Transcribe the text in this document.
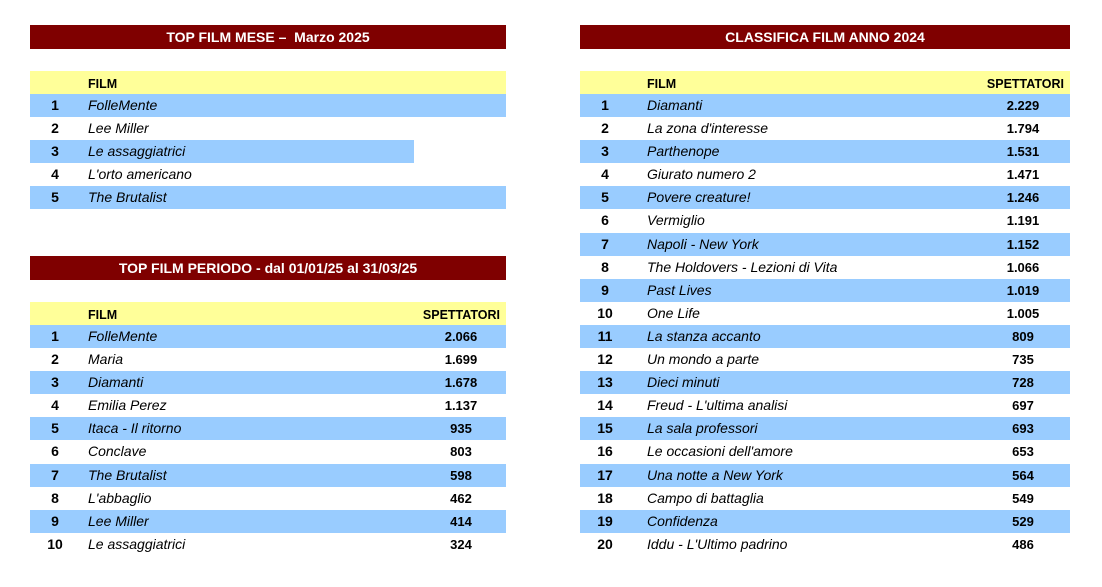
TOP FILM MESE –  Marzo 2025
FILM
1	FolleMente
2	Lee Miller
3	Le assaggiatrici
4	L'orto americano
5	The Brutalist
TOP FILM PERIODO - dal 01/01/25 al 31/03/25
FILM	SPETTATORI
1	FolleMente	2.066
2	Maria	1.699
3	Diamanti	1.678
4	Emilia Perez	1.137
5	Itaca - Il ritorno	935
6	Conclave	803
7	The Brutalist	598
8	L'abbaglio	462
9	Lee Miller	414
10	Le assaggiatrici	324
CLASSIFICA FILM ANNO 2024
FILM	SPETTATORI
1	Diamanti	2.229
2	La zona d'interesse	1.794
3	Parthenope	1.531
4	Giurato numero 2	1.471
5	Povere creature!	1.246
6	Vermiglio	1.191
7	Napoli - New York	1.152
8	The Holdovers - Lezioni di Vita	1.066
9	Past Lives	1.019
10	One Life	1.005
11	La stanza accanto	809
12	Un mondo a parte	735
13	Dieci minuti	728
14	Freud - L'ultima analisi	697
15	La sala professori	693
16	Le occasioni dell'amore	653
17	Una notte a New York	564
18	Campo di battaglia	549
19	Confidenza	529
20	Iddu - L'Ultimo padrino	486
